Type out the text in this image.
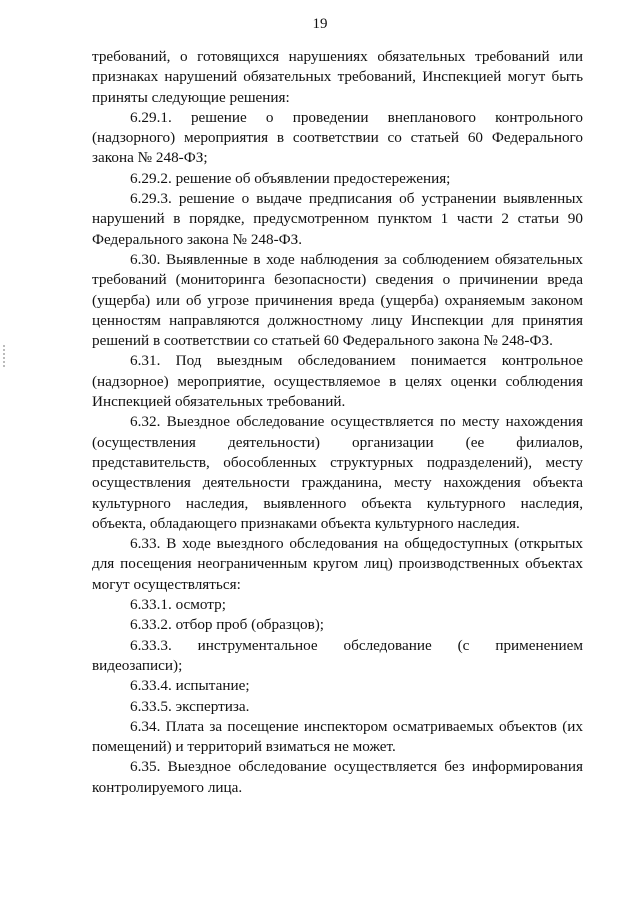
19

требований, о готовящихся нарушениях обязательных требований или признаках нарушений обязательных требований, Инспекцией могут быть приняты следующие решения:

6.29.1. решение о проведении внепланового контрольного (надзорного) мероприятия в соответствии со статьей 60 Федерального закона № 248-ФЗ;

6.29.2. решение об объявлении предостережения;

6.29.3. решение о выдаче предписания об устранении выявленных нарушений в порядке, предусмотренном пунктом 1 части 2 статьи 90 Федерального закона № 248-ФЗ.

6.30. Выявленные в ходе наблюдения за соблюдением обязательных требований (мониторинга безопасности) сведения о причинении вреда (ущерба) или об угрозе причинения вреда (ущерба) охраняемым законом ценностям направляются должностному лицу Инспекции для принятия решений в соответствии со статьей 60 Федерального закона № 248-ФЗ.

6.31. Под выездным обследованием понимается контрольное (надзорное) мероприятие, осуществляемое в целях оценки соблюдения Инспекцией обязательных требований.

6.32. Выездное обследование осуществляется по месту нахождения (осуществления деятельности) организации (ее филиалов, представительств, обособленных структурных подразделений), месту осуществления деятельности гражданина, месту нахождения объекта культурного наследия, выявленного объекта культурного наследия, объекта, обладающего признаками объекта культурного наследия.

6.33. В ходе выездного обследования на общедоступных (открытых для посещения неограниченным кругом лиц) производственных объектах могут осуществляться:

6.33.1. осмотр;

6.33.2. отбор проб (образцов);

6.33.3. инструментальное обследование (с применением видеозаписи);

6.33.4. испытание;

6.33.5. экспертиза.

6.34. Плата за посещение инспектором осматриваемых объектов (их помещений) и территорий взиматься не может.

6.35. Выездное обследование осуществляется без информирования контролируемого лица.
